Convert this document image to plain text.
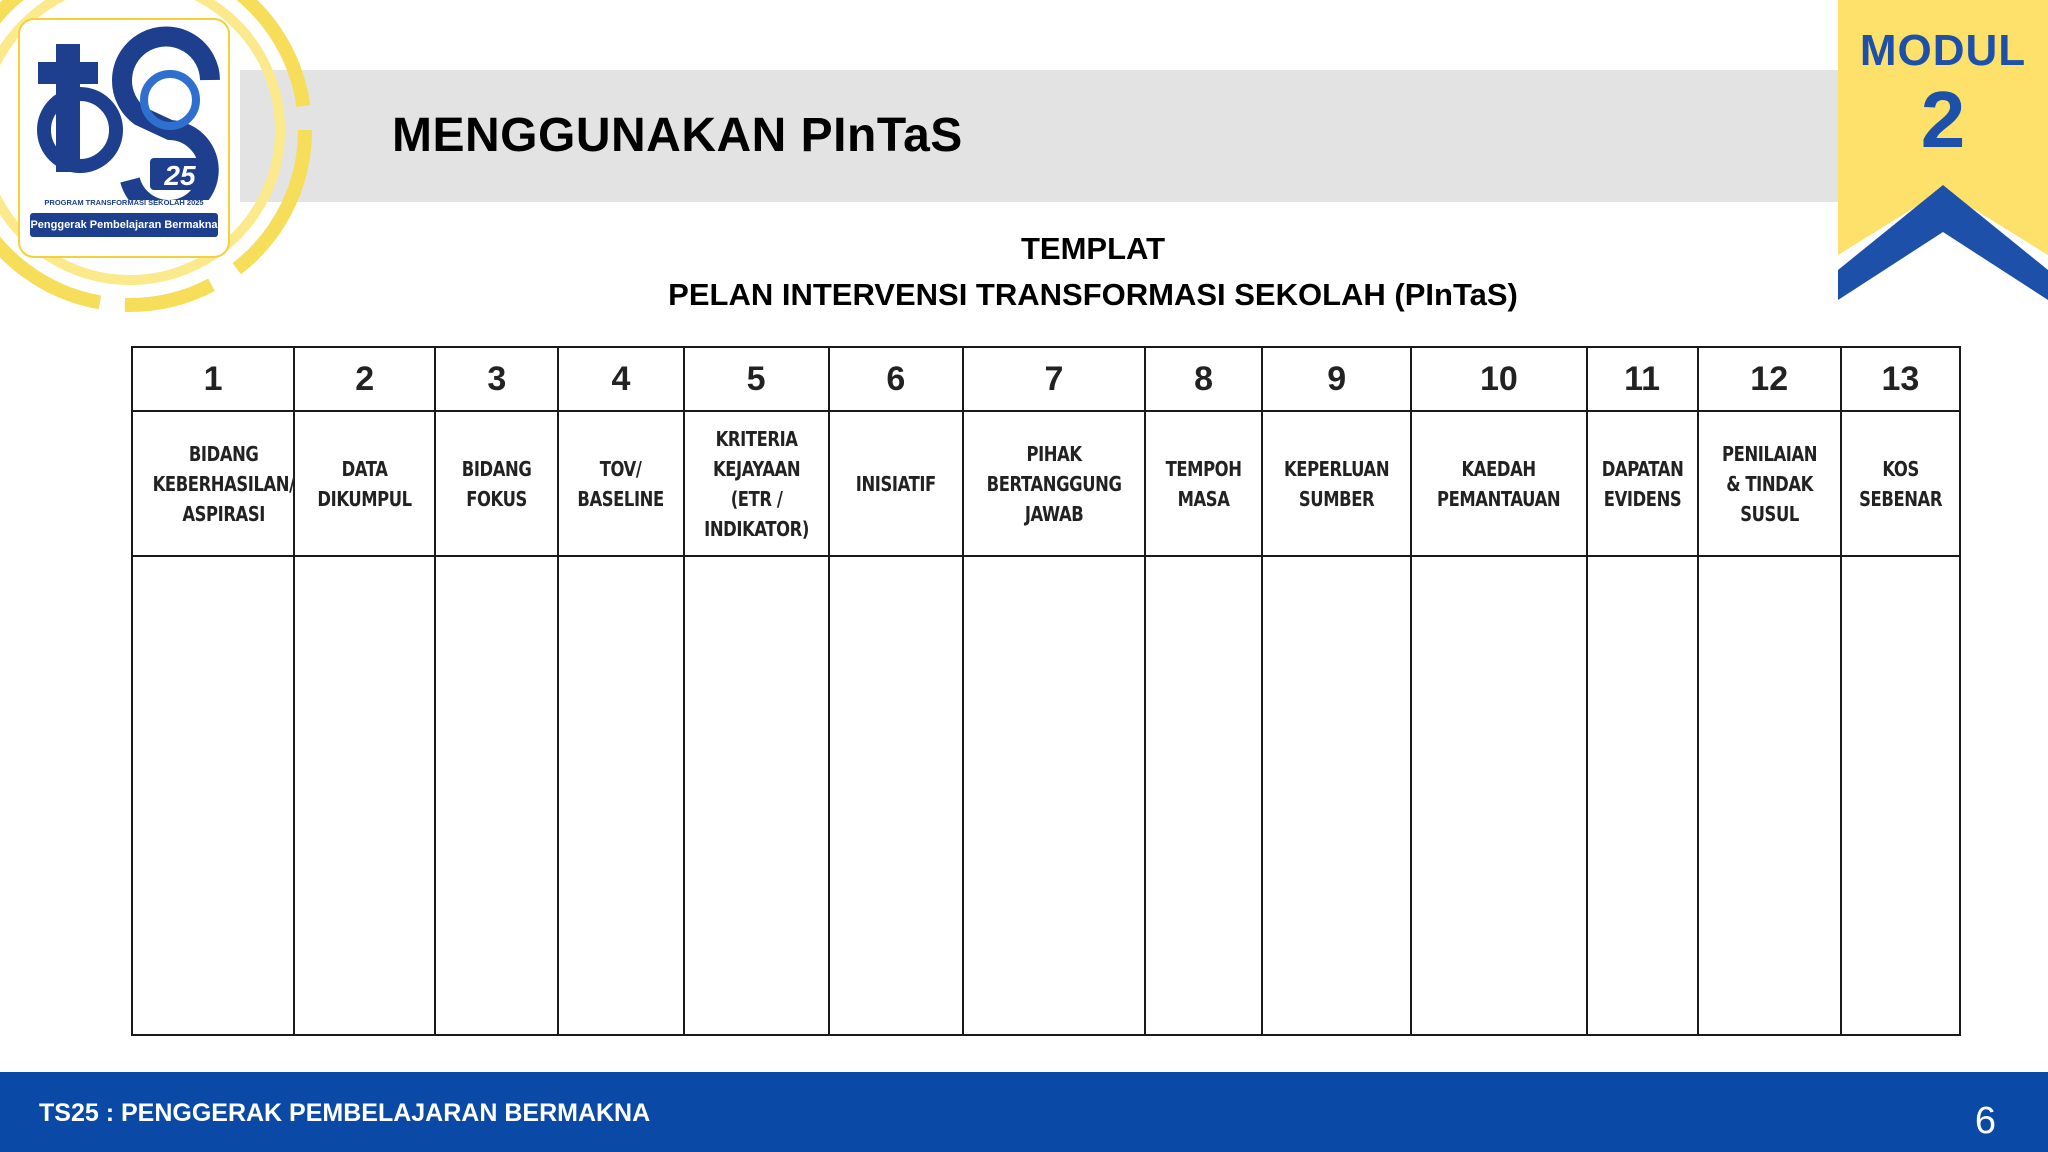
MENGGUNAKAN PInTaS
25
PROGRAM TRANSFORMASI SEKOLAH 2025
Penggerak Pembelajaran Bermakna
MODUL
2
TEMPLAT
PELAN INTERVENSI TRANSFORMASI SEKOLAH (PInTaS)
1	2	3	4	5	6	7	8	9	10	11	12	13
BIDANG KEBERHASILAN/ ASPIRASI	DATA DIKUMPUL	BIDANG FOKUS	TOV/ BASELINE	KRITERIA KEJAYAAN (ETR / INDIKATOR)	INISIATIF	PIHAK BERTANGGUNG JAWAB	TEMPOH MASA	KEPERLUAN SUMBER	KAEDAH PEMANTAUAN	DAPATAN EVIDENS	PENILAIAN & TINDAK SUSUL	KOS SEBENAR

TS25 : PENGGERAK PEMBELAJARAN BERMAKNA	6
